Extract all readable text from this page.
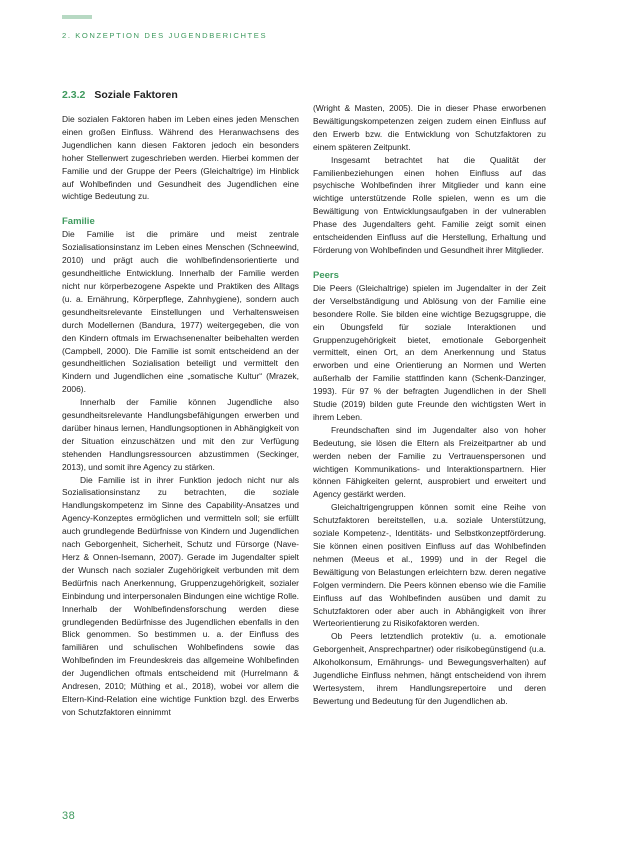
2. KONZEPTION DES JUGENDBERICHTES
2.3.2 Soziale Faktoren

Die sozialen Faktoren haben im Leben eines jeden Menschen einen großen Einfluss. Während des Heranwachsens des Jugendlichen kann diesen Faktoren jedoch ein besonders hoher Stellenwert zugeschrieben werden. Hierbei kommen der Familie und der Gruppe der Peers (Gleichaltrige) im Hinblick auf Wohlbefinden und Gesundheit des Jugendlichen eine wichtige Bedeutung zu.

Familie

Die Familie ist die primäre und meist zentrale Sozialisationsinstanz im Leben eines Menschen (Schneewind, 2010) und prägt auch die wohlbefindensorientierte und gesundheitliche Entwicklung. Innerhalb der Familie werden nicht nur körperbezogene Aspekte und Praktiken des Alltags (u. a. Ernährung, Körperpflege, Zahnhygiene), sondern auch gesundheitsrelevante Einstellungen und Verhaltensweisen durch Modellernen (Bandura, 1977) weitergegeben, die von den Kindern oftmals im Erwachsenenalter beibehalten werden (Campbell, 2000). Die Familie ist somit entscheidend an der gesundheitlichen Sozialisation beteiligt und vermittelt den Kindern und Jugendlichen eine „somatische Kultur“ (Mrazek, 2006).

Innerhalb der Familie können Jugendliche also gesundheitsrelevante Handlungsbefähigungen erwerben und darüber hinaus lernen, Handlungsoptionen in Abhängigkeit von der Situation einzuschätzen und mit den zur Verfügung stehenden Handlungsressourcen abzustimmen (Seckinger, 2013), und somit ihre Agency zu stärken.

Die Familie ist in ihrer Funktion jedoch nicht nur als Sozialisationsinstanz zu betrachten, die soziale Handlungskompetenz im Sinne des Capability-Ansatzes und Agency-Konzeptes ermöglichen und vermitteln soll; sie erfüllt auch grundlegende Bedürfnisse von Kindern und Jugendlichen nach Geborgenheit, Sicherheit, Schutz und Fürsorge (Nave-Herz & Onnen-Isemann, 2007). Gerade im Jugendalter spielt der Wunsch nach sozialer Zugehörigkeit verbunden mit dem Bedürfnis nach Anerkennung, Gruppenzugehörigkeit, sozialer Einbindung und interpersonalen Bindungen eine wichtige Rolle. Innerhalb der Wohlbefindensforschung werden diese grundlegenden Bedürfnisse des Jugendlichen ebenfalls in den Blick genommen. So bestimmen u. a. der Einfluss des familiären und schulischen Wohlbefindens sowie das Wohlbefinden im Freundeskreis das allgemeine Wohlbefinden der Jugendlichen oftmals entscheidend mit (Hurrelmann & Andresen, 2010; Müthing et al., 2018), wobei vor allem die Eltern-Kind-Relation eine wichtige Funktion bzgl. des Erwerbs von Schutzfaktoren einnimmt

(Wright & Masten, 2005). Die in dieser Phase erworbenen Bewältigungskompetenzen zeigen zudem einen Einfluss auf den Erwerb bzw. die Entwicklung von Schutzfaktoren zu einem späteren Zeitpunkt.

Insgesamt betrachtet hat die Qualität der Familienbeziehungen einen hohen Einfluss auf das psychische Wohlbefinden ihrer Mitglieder und kann eine wichtige unterstützende Rolle spielen, wenn es um die Bewältigung von Entwicklungsaufgaben in der vulnerablen Phase des Jugendalters geht. Familie zeigt somit einen entscheidenden Einfluss auf die Herstellung, Erhaltung und Förderung von Wohlbefinden und Gesundheit ihrer Mitglieder.

Peers

Die Peers (Gleichaltrige) spielen im Jugendalter in der Zeit der Verselbständigung und Ablösung von der Familie eine besondere Rolle. Sie bilden eine wichtige Bezugsgruppe, die ein Übungsfeld für soziale Interaktionen und Gruppenzugehörigkeit bietet, emotionale Geborgenheit vermittelt, einen Ort, an dem Anerkennung und Status erworben und eine Orientierung an Normen und Werten außerhalb der Familie stattfinden kann (Schenk-Danzinger, 1993). Für 97 % der befragten Jugendlichen in der Shell Studie (2019) bilden gute Freunde den wichtigsten Wert in ihrem Leben.

Freundschaften sind im Jugendalter also von hoher Bedeutung, sie lösen die Eltern als Freizeitpartner ab und werden neben der Familie zu Vertrauenspersonen und wichtigen Kommunikations- und Interaktionspartnern. Hier können Fähigkeiten gelernt, ausprobiert und erweitert und Agency gestärkt werden.

Gleichaltrigengruppen können somit eine Reihe von Schutzfaktoren bereitstellen, u.a. soziale Unterstützung, soziale Kompetenz-, Identitäts- und Selbstkonzeptförderung. Sie können einen positiven Einfluss auf das Wohlbefinden nehmen (Meeus et al., 1999) und in der Regel die Bewältigung von Belastungen erleichtern bzw. deren negative Folgen vermindern. Die Peers können ebenso wie die Familie Einfluss auf das Wohlbefinden ausüben und damit zu Schutzfaktoren oder aber auch in Abhängigkeit von ihrer Werteorientierung zu Risikofaktoren werden.

Ob Peers letztendlich protektiv (u. a. emotionale Geborgenheit, Ansprechpartner) oder risikobegünstigend (u.a. Alkoholkonsum, Ernährungs- und Bewegungsverhalten) auf Jugendliche Einfluss nehmen, hängt entscheidend von ihrem Wertesystem, ihrem Handlungsrepertoire und deren Bewertung und Bedeutung für den Jugendlichen ab.

38
